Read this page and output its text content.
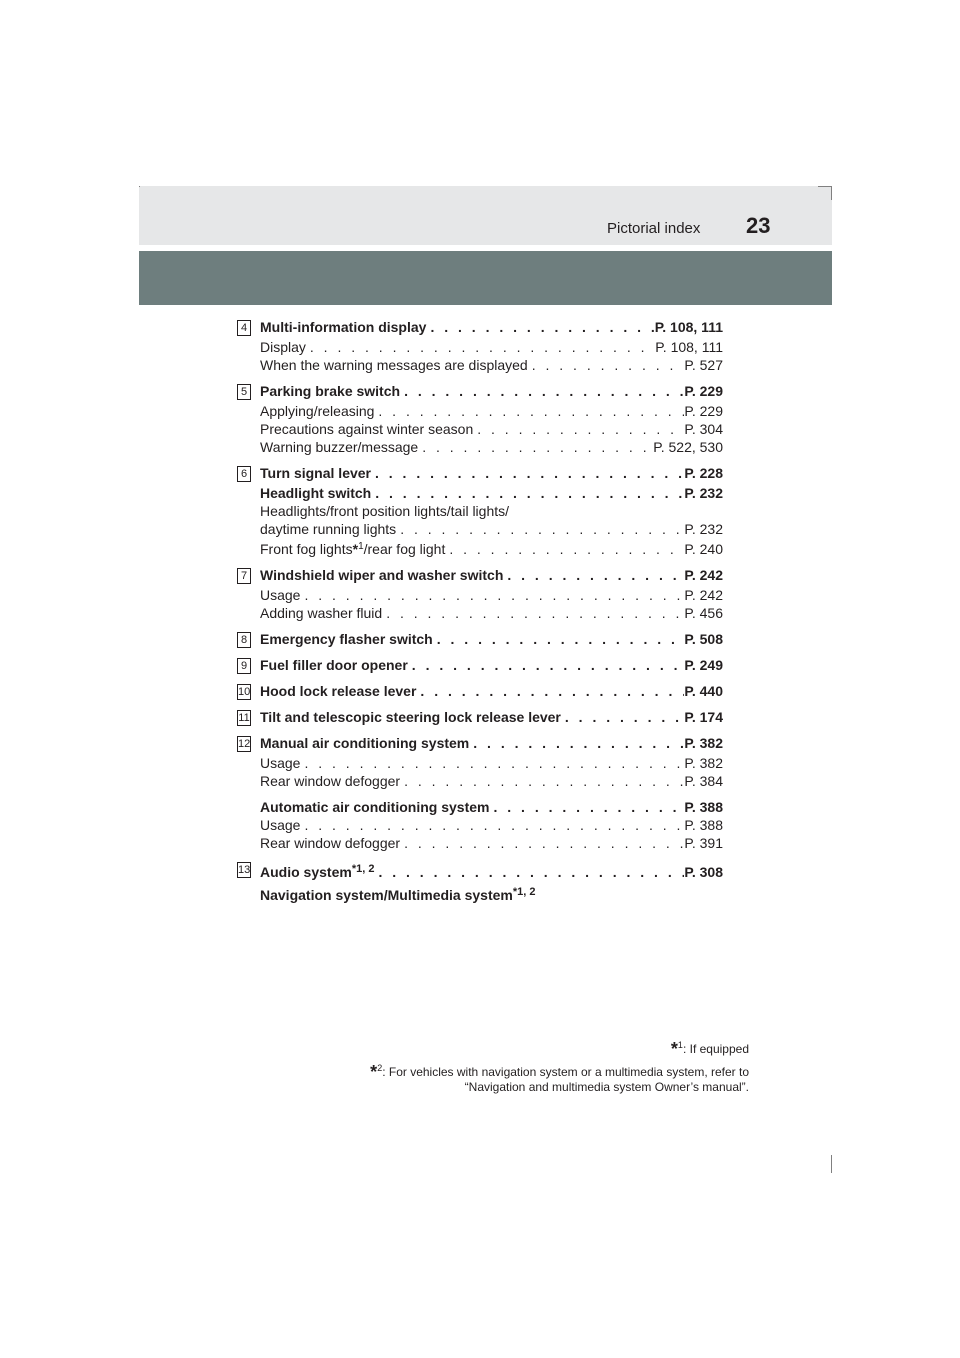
Pictorial index 23
4 Multi-information display . . .	P. 108, 111
Display . . .	P. 108, 111
When the warning messages are displayed . . .	P. 527
5 Parking brake switch . . .	P. 229
Applying/releasing . . .	P. 229
Precautions against winter season . . .	P. 304
Warning buzzer/message . . .	P. 522, 530
6 Turn signal lever . . .	P. 228
Headlight switch . . .	P. 232
Headlights/front position lights/tail lights/
daytime running lights . . .	P. 232
Front fog lights*$^1$/rear fog light . . .	P. 240
7 Windshield wiper and washer switch . . .	P. 242
Usage . . .	P. 242
Adding washer fluid . . .	P. 456
8 Emergency flasher switch . . .	P. 508
9 Fuel filler door opener . . .	P. 249
10 Hood lock release lever . . .	P. 440
11 Tilt and telescopic steering lock release lever . . .	P. 174
12 Manual air conditioning system . . .	P. 382
Usage . . .	P. 382
Rear window defogger . . .	P. 384
Automatic air conditioning system . . .	P. 388
Usage . . .	P. 388
Rear window defogger . . .	P. 391
13 Audio system$^{*1, 2}$ . . .	P. 308
Navigation system/Multimedia system$^{*1, 2}$
*$^1$: If equipped
*$^2$: For vehicles with navigation system or a multimedia system, refer to
“Navigation and multimedia system Owner’s manual”.
